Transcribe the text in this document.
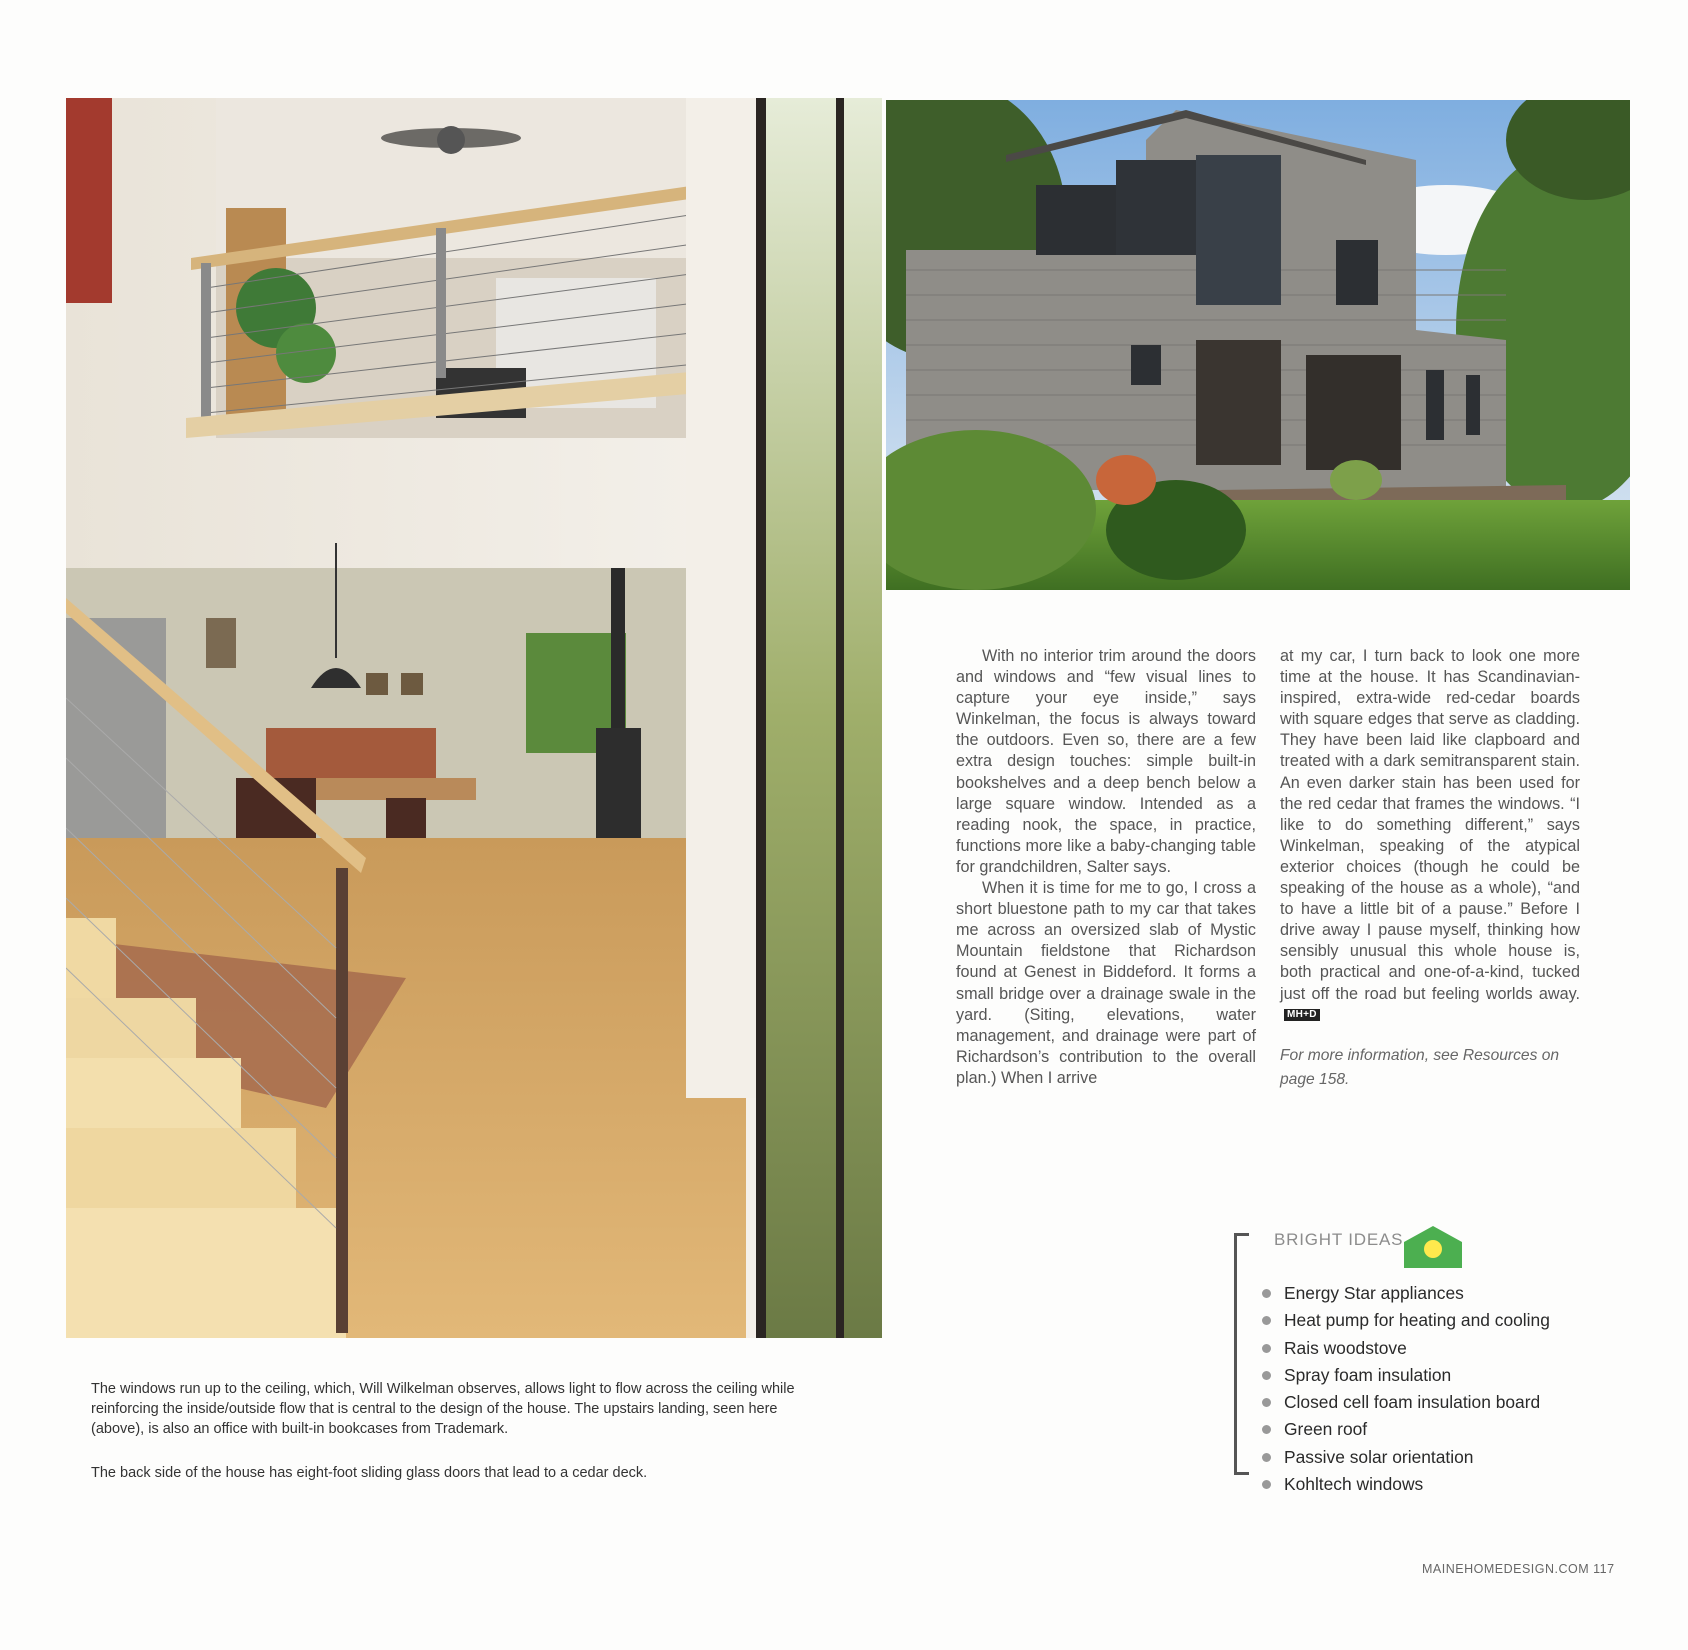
The windows run up to the ceiling, which, Will Wilkelman observes, allows light to flow across the ceiling while reinforcing the inside/outside flow that is central to the design of the house. The upstairs landing, seen here (above), is also an office with built-in bookcases from Trademark.

The back side of the house has eight-foot sliding glass doors that lead to a cedar deck.

With no interior trim around the doors and windows and “few visual lines to capture your eye inside,” says Winkelman, the focus is always toward the outdoors. Even so, there are a few extra design touches: simple built-in bookshelves and a deep bench below a large square window. Intended as a reading nook, the space, in practice, functions more like a baby-changing table for grandchildren, Salter says.

When it is time for me to go, I cross a short bluestone path to my car that takes me across an oversized slab of Mystic Mountain fieldstone that Richardson found at Genest in Biddeford. It forms a small bridge over a drainage swale in the yard. (Siting, elevations, water management, and drainage were part of Richardson’s contribution to the overall plan.) When I arrive

at my car, I turn back to look one more time at the house. It has Scandinavian-inspired, extra-wide red-cedar boards with square edges that serve as cladding. They have been laid like clapboard and treated with a dark semitransparent stain. An even darker stain has been used for the red cedar that frames the windows. “I like to do something different,” says Winkelman, speaking of the atypical exterior choices (though he could be speaking of the house as a whole), “and to have a little bit of a pause.” Before I drive away I pause myself, thinking how sensibly unusual this whole house is, both practical and one-of-a-kind, tucked just off the road but feeling worlds away.MH+D

For more information, see Resources on page 158.

BRIGHT IDEAS
Energy Star appliances
Heat pump for heating and cooling
Rais woodstove
Spray foam insulation
Closed cell foam insulation board
Green roof
Passive solar orientation
Kohltech windows
MAINEHOMEDESIGN.COM 117
